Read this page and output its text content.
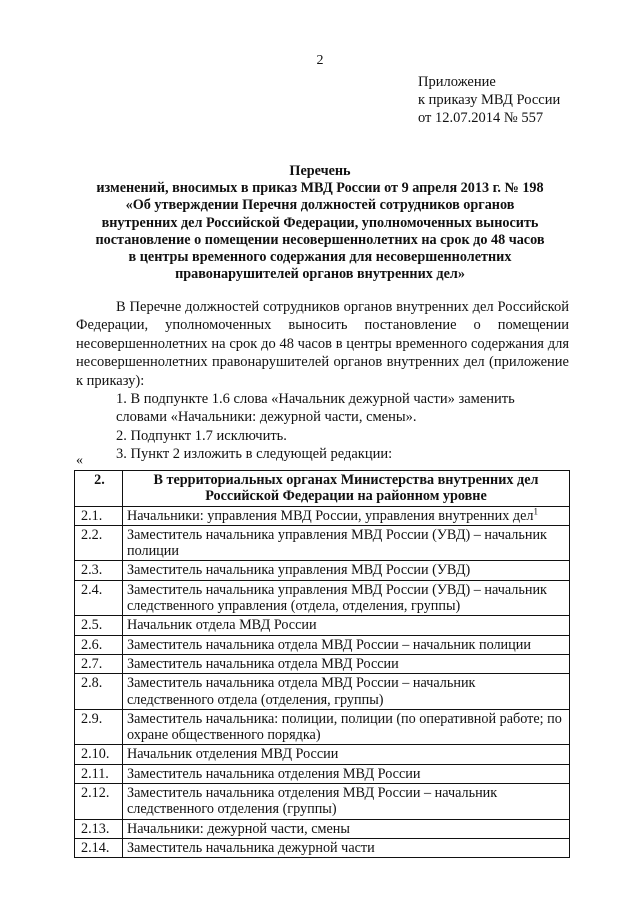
2
Приложение
к приказу МВД России
от 12.07.2014 № 557
Перечень
изменений, вносимых в приказ МВД России от 9 апреля 2013 г. № 198
«Об утверждении Перечня должностей сотрудников органов
внутренних дел Российской Федерации, уполномоченных выносить
постановление о помещении несовершеннолетних на срок до 48 часов
в центры временного содержания для несовершеннолетних
правонарушителей органов внутренних дел»

В Перечне должностей сотрудников органов внутренних дел Российской Федерации, уполномоченных выносить постановление о помещении несовершеннолетних на срок до 48 часов в центры временного содержания для несовершеннолетних правонарушителей органов внутренних дел (приложение к приказу):

1. В подпункте 1.6 слова «Начальник дежурной части» заменить словами «Начальники: дежурной части, смены».

2. Подпункт 1.7 исключить.

3. Пункт 2 изложить в следующей редакции:

«
2.	В территориальных органах Министерства внутренних дел Российской Федерации на районном уровне
2.1.	Начальники: управления МВД России, управления внутренних дел$^1$
2.2.	Заместитель начальника управления МВД России (УВД) – начальник полиции
2.3.	Заместитель начальника управления МВД России (УВД)
2.4.	Заместитель начальника управления МВД России (УВД) – начальник следственного управления (отдела, отделения, группы)
2.5.	Начальник отдела МВД России
2.6.	Заместитель начальника отдела МВД России – начальник полиции
2.7.	Заместитель начальника отдела МВД России
2.8.	Заместитель начальника отдела МВД России – начальник следственного отдела (отделения, группы)
2.9.	Заместитель начальника: полиции, полиции (по оперативной работе; по охране общественного порядка)
2.10.	Начальник отделения МВД России
2.11.	Заместитель начальника отделения МВД России
2.12.	Заместитель начальника отделения МВД России – начальник следственного отделения (группы)
2.13.	Начальники: дежурной части, смены
2.14.	Заместитель начальника дежурной части
